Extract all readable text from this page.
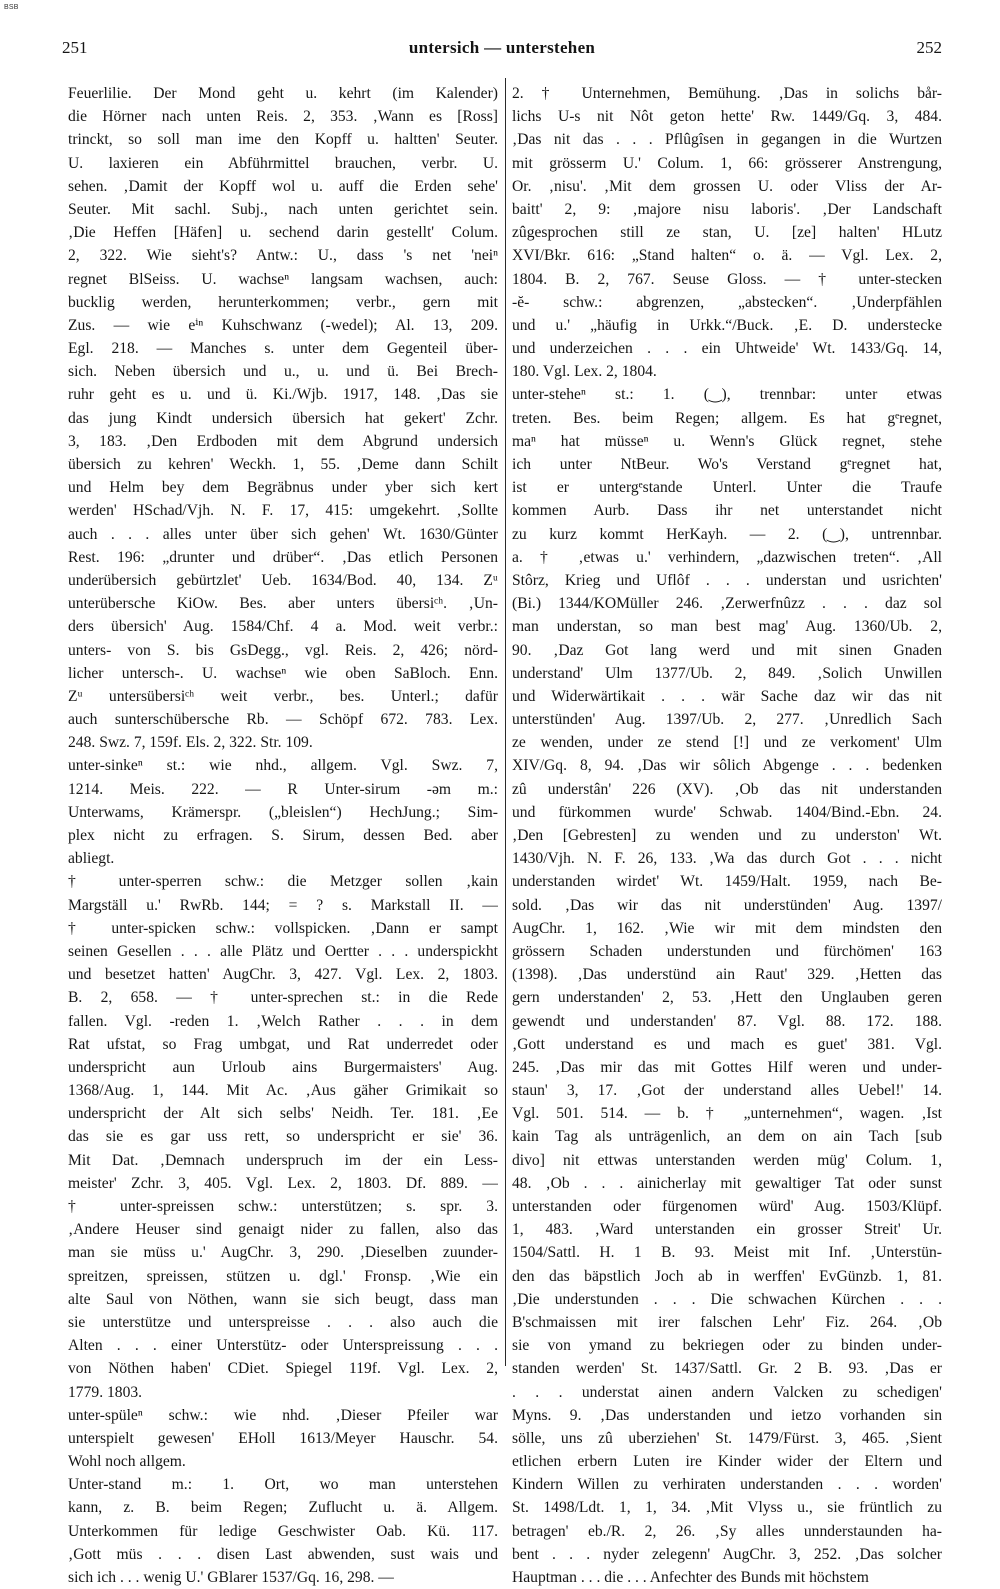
BSB
251	untersich — unterstehen	252
Feuerlilie. Der Mond geht u. kehrt (im Kalender)
die Hörner nach unten Reis. 2, 353. ‚Wann es [Ross]
trinckt, so soll man ime den Kopff u. haltten' Seuter.
U. laxieren ein Abführmittel brauchen, verbr. U.
sehen. ‚Damit der Kopff wol u. auff die Erden sehe'
Seuter. Mit sachl. Subj., nach unten gerichtet sein.
‚Die Heffen [Häfen] u. sechend darin gestellt' Colum.
2, 322. Wie sieht's? Antw.: U., dass 's net 'neiⁿ
regnet BlSeiss. U. wachseⁿ langsam wachsen, auch:
bucklig werden, herunterkommen; verbr., gern mit
Zus. — wie eⁱⁿ Kuhschwanz (-wedel); Al. 13, 209.
Egl. 218. — Manches s. unter dem Gegenteil über-
sich. Neben übersich und u., u. und ü. Bei Brech-
ruhr geht es u. und ü. Ki./Wjb. 1917, 148. ‚Das sie
das jung Kindt undersich übersich hat gekert' Zchr.
3, 183. ‚Den Erdboden mit dem Abgrund undersich
übersich zu kehren' Weckh. 1, 55. ‚Deme dann Schilt
und Helm bey dem Begräbnus under yber sich kert
werden' HSchad/Vjh. N. F. 17, 415: umgekehrt. ‚Sollte
auch . . . alles unter über sich gehen' Wt. 1630/Günter
Rest. 196: „drunter und drüber“. ‚Das etlich Personen
underübersich gebürtzlet' Ueb. 1634/Bod. 40, 134. Zᵘ
unterübersche KiOw. Bes. aber unters übersiᶜʰ. ‚Un-
ders übersich' Aug. 1584/Chf. 4 a. Mod. weit verbr.:
unters- von S. bis GsDegg., vgl. Reis. 2, 426; nörd-
licher untersch-. U. wachseⁿ wie oben SaBloch. Enn.
Zᵘ untersübersiᶜʰ weit verbr., bes. Unterl.; dafür
auch sunterschübersche Rb. — Schöpf 672. 783. Lex.
248. Swz. 7, 159f. Els. 2, 322. Str. 109.
unter-sinkeⁿ st.: wie nhd., allgem. Vgl. Swz. 7,
1214. Meis. 222. — R Unter-sirum -əm m.:
Unterwams, Krämerspr. („bleislen“) HechJung.; Sim-
plex nicht zu erfragen. S. Sirum, dessen Bed. aber
abliegt.
† unter-sperren schw.: die Metzger sollen ‚kain
Margställ u.' RwRb. 144; = ? s. Markstall II. —
† unter-spicken schw.: vollspicken. ‚Dann er sampt
seinen Gesellen . . . alle Plätz und Oertter . . . underspickht
und besetzet hatten' AugChr. 3, 427. Vgl. Lex. 2, 1803.
B. 2, 658. — † unter-sprechen st.: in die Rede
fallen. Vgl. -reden 1. ‚Welch Rather . . . in dem
Rat ufstat, so Frag umbgat, und Rat underredet oder
underspricht aun Urloub ains Burgermaisters' Aug.
1368/Aug. 1, 144. Mit Ac. ‚Aus gäher Grimikait so
underspricht der Alt sich selbs' Neidh. Ter. 181. ‚Ee
das sie es gar uss rett, so underspricht er sie' 36.
Mit Dat. ‚Demnach underspruch im der ein Less-
meister' Zchr. 3, 405. Vgl. Lex. 2, 1803. Df. 889. —
† unter-spreissen schw.: unterstützen; s. spr. 3.
‚Andere Heuser sind genaigt nider zu fallen, also das
man sie müss u.' AugChr. 3, 290. ‚Dieselben zuunder-
spreitzen, spreissen, stützen u. dgl.' Fronsp. ‚Wie ein
alte Saul von Nöthen, wann sie sich beugt, dass man
sie unterstütze und unterspreisse . . . also auch die
Alten . . . einer Unterstütz- oder Unterspreissung . . .
von Nöthen haben' CDiet. Spiegel 119f. Vgl. Lex. 2,
1779. 1803.
unter-spüleⁿ schw.: wie nhd. ‚Dieser Pfeiler war
unterspielt gewesen' EHoll 1613/Meyer Hauschr. 54.
Wohl noch allgem.
Unter-stand m.: 1. Ort, wo man unterstehen
kann, z. B. beim Regen; Zuflucht u. ä. Allgem.
Unterkommen für ledige Geschwister Oab. Kü. 117.
‚Gott müs . . . disen Last abwenden, sust wais und
sich ich . . . wenig U.' GBlarer 1537/Gq. 16, 298. —
2. † Unternehmen, Bemühung. ‚Das in solichs bår-
lichs U-s nit Nôt geton hette' Rw. 1449/Gq. 3, 484.
‚Das nit das . . . Pflûgîsen in gegangen in die Wurtzen
mit grösserm U.' Colum. 1, 66: grösserer Anstrengung,
Or. ‚nisu'. ‚Mit dem grossen U. oder Vliss der Ar-
baitt' 2, 9: ‚majore nisu laboris'. ‚Der Landschaft
zûgesprochen still ze stan, U. [ze] halten' HLutz
XVI/Bkr. 616: „Stand halten“ o. ä. — Vgl. Lex. 2,
1804. B. 2, 767. Seuse Gloss. — † unter-stecken
-ĕ- schw.: abgrenzen, „abstecken“. ‚Underpfählen
und u.' „häufig in Urkk.“/Buck. ‚E. D. understecke
und underzeichen . . . ein Uhtweide' Wt. 1433/Gq. 14,
180. Vgl. Lex. 2, 1804.
unter-steheⁿ st.: 1. (‿), trennbar: unter etwas
treten. Bes. beim Regen; allgem. Es hat gᵉregnet,
maⁿ hat müsseⁿ u. Wenn's Glück regnet, stehe
ich unter NtBeur. Wo's Verstand gᵉregnet hat,
ist er untergᵉstande Unterl. Unter die Traufe
kommen Aurb. Dass ihr net unterstandet nicht
zu kurz kommt HerKayh. — 2. (‿), untrennbar.
a. † ‚etwas u.' verhindern, „dazwischen treten“. ‚All
Stôrz, Krieg und Uflôf . . . understan und usrichten'
(Bi.) 1344/KOMüller 246. ‚Zerwerfnûzz . . . daz sol
man understan, so man best mag' Aug. 1360/Ub. 2,
90. ‚Daz Got lang werd und mit sinen Gnaden
understand' Ulm 1377/Ub. 2, 849. ‚Solich Unwillen
und Widerwärtikait . . . wär Sache daz wir das nit
unterstünden' Aug. 1397/Ub. 2, 277. ‚Unredlich Sach
ze wenden, under ze stend [!] und ze verkoment' Ulm
XIV/Gq. 8, 94. ‚Das wir sôlich Abgenge . . . bedenken
zû understân' 226 (XV). ‚Ob das nit understanden
und fürkommen wurde' Schwab. 1404/Bind.-Ebn. 24.
‚Den [Gebresten] zu wenden und zu underston' Wt.
1430/Vjh. N. F. 26, 133. ‚Wa das durch Got . . . nicht
understanden wirdet' Wt. 1459/Halt. 1959, nach Be-
sold. ‚Das wir das nit understünden' Aug. 1397/
AugChr. 1, 162. ‚Wie wir mit dem mindsten den
grössern Schaden understunden und fürchömen' 163
(1398). ‚Das understünd ain Raut' 329. ‚Hetten das
gern understanden' 2, 53. ‚Hett den Unglauben geren
gewendt und understanden' 87. Vgl. 88. 172. 188.
‚Gott understand es und mach es guet' 381. Vgl.
245. ‚Das mir das mit Gottes Hilf weren und under-
staun' 3, 17. ‚Got der understand alles Uebel!' 14.
Vgl. 501. 514. — b. † „unternehmen“, wagen. ‚Ist
kain Tag als unträgenlich, an dem on ain Tach [sub
divo] nit ettwas unterstanden werden müg' Colum. 1,
48. ‚Ob . . . ainicherlay mit gewaltiger Tat oder sunst
unterstanden oder fürgenomen würd' Aug. 1503/Klüpf.
1, 483. ‚Ward unterstanden ein grosser Streit' Ur.
1504/Sattl. H. 1 B. 93. Meist mit Inf. ‚Unterstün-
den das bäpstlich Joch ab in werffen' EvGünzb. 1, 81.
‚Die understunden . . . Die schwachen Kürchen . . .
B'schmaissen mit irer falschen Lehr' Fiz. 264. ‚Ob
sie von ymand zu bekriegen oder zu binden under-
standen werden' St. 1437/Sattl. Gr. 2 B. 93. ‚Das er
. . . understat ainen andern Valcken zu schedigen'
Myns. 9. ‚Das understanden und ietzo vorhanden sin
sölle, uns zû uberziehen' St. 1479/Fürst. 3, 465. ‚Sient
etlichen erbern Luten ire Kinder wider der Eltern und
Kindern Willen zu verhiraten understanden . . . worden'
St. 1498/Ldt. 1, 1, 34. ‚Mit Vlyss u., sie früntlich zu
betragen' eb./R. 2, 26. ‚Sy alles unnderstaunden ha-
bent . . . nyder zelegenn' AugChr. 3, 252. ‚Das solcher
Hauptman . . . die . . . Anfechter des Bunds mit höchstem
